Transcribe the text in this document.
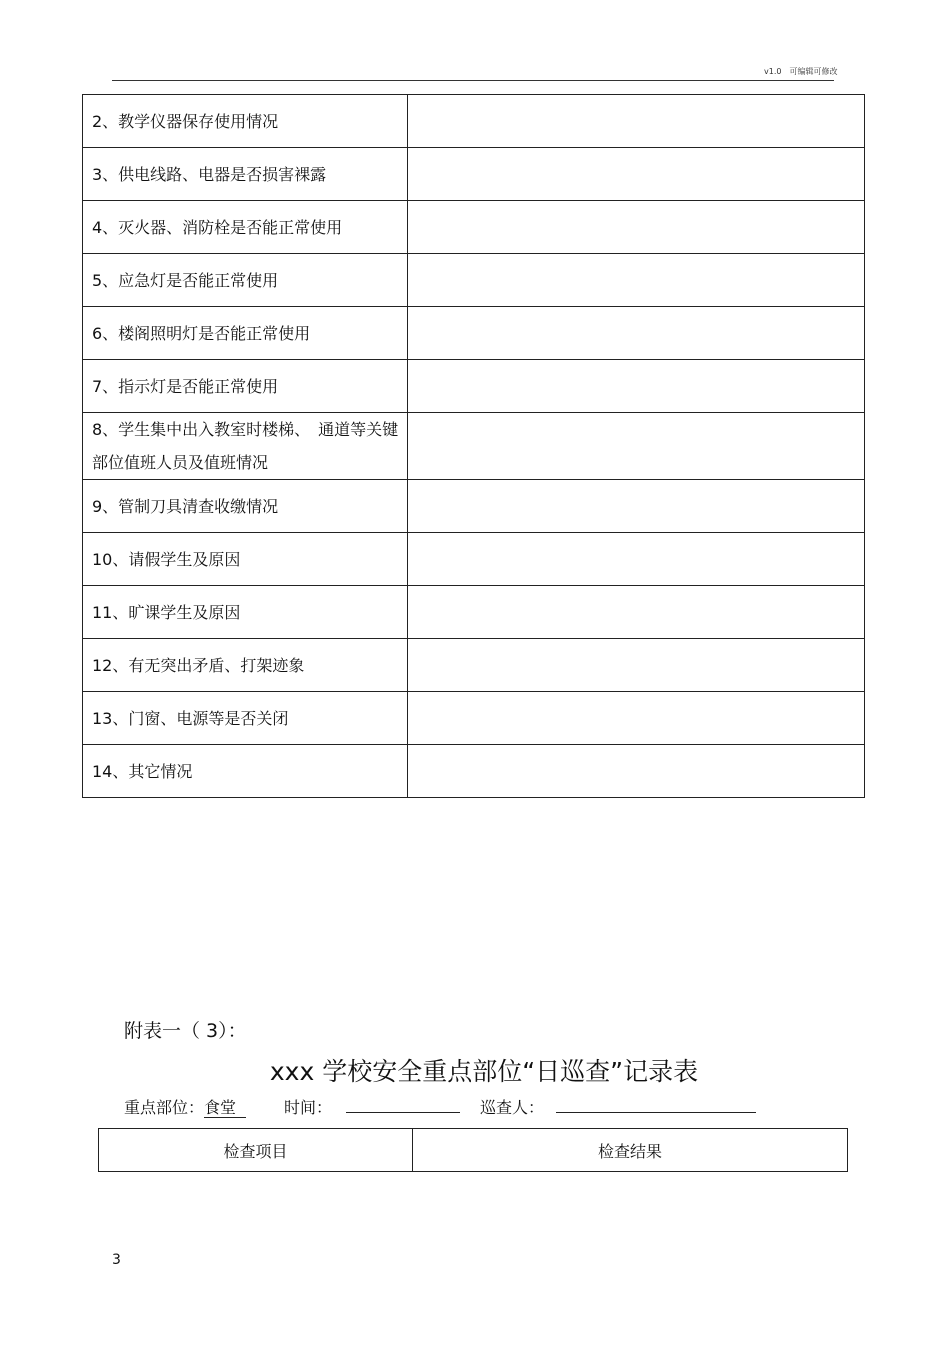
v1.0　可编辑可修改
2、教学仪器保存使用情况	
3、供电线路、电器是否损害裸露	
4、灭火器、消防栓是否能正常使用	
5、应急灯是否能正常使用	
6、楼阁照明灯是否能正常使用	
7、指示灯是否能正常使用	
8、学生集中出入教室时楼梯、　通道等关键部位值班人员及值班情况	
9、管制刀具清查收缴情况	
10、请假学生及原因	
11、旷课学生及原因	
12、有无突出矛盾、打架迹象	
13、门窗、电源等是否关闭	
14、其它情况	
附表一（ 3）：
xxx 学校安全重点部位“日巡查”记录表
重点部位： 食堂	时间：	巡查人：
检查项目	检查结果
3
